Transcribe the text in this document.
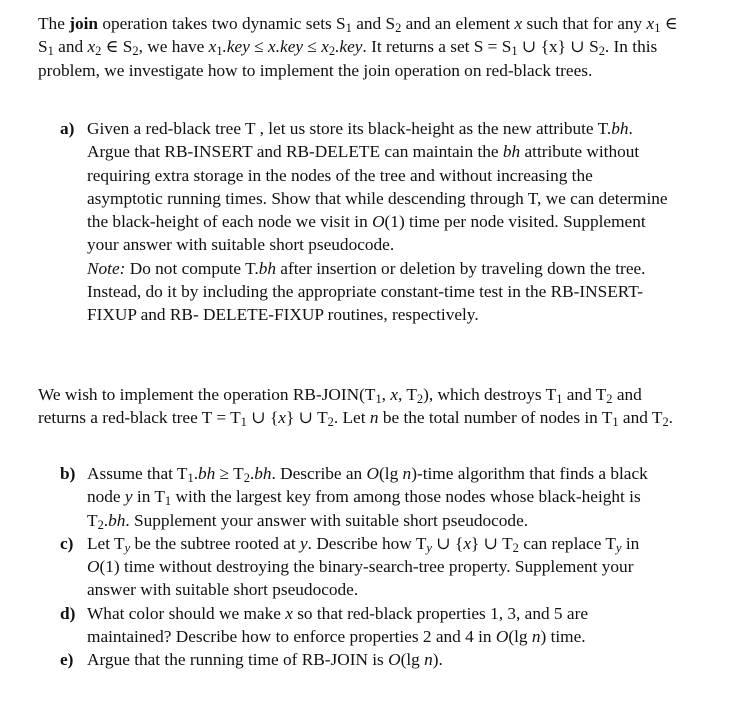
The join operation takes two dynamic sets $S_1$ and $S_2$ and an element x such that for any $x_1$ ∈ $S_1$ and $x_2$ ∈ $S_2$, we have $x_1.key \le x.key \le x_2.key$. It returns a set $S = S_1$ ∪ {x} ∪ $S_2$. In this problem, we investigate how to implement the join operation on red-black trees.
a) Given a red-black tree T , let us store its black-height as the new attribute T.bh. Argue that RB-INSERT and RB-DELETE can maintain the bh attribute without requiring extra storage in the nodes of the tree and without increasing the asymptotic running times. Show that while descending through T, we can determine the black-height of each node we visit in O(1) time per node visited. Supplement your answer with suitable short pseudocode.
Note: Do not compute T.bh after insertion or deletion by traveling down the tree. Instead, do it by including the appropriate constant-time test in the RB-INSERT-FIXUP and RB- DELETE-FIXUP routines, respectively.
We wish to implement the operation $RB-JOIN(T_1$, x, $T_2$), which destroys $T_1$ and $T_2$ and returns a red-black tree $T = T_1$ ∪ {x} ∪ $T_2$. Let n be the total number of nodes in $T_1$ and $T_2$.
b) Assume that $T_1.bh \ge T_2.bh$. Describe an O(lg n)-time algorithm that finds a black node y in $T_1$ with the largest key from among those nodes whose black-height is $T_2.bh$. Supplement your answer with suitable short pseudocode.
c) Let $T_y$ be the subtree rooted at y. Describe how $T_y$ ∪ {x} ∪ $T_2$ can replace $T_y$ in O(1) time without destroying the binary-search-tree property. Supplement your answer with suitable short pseudocode.
d) What color should we make x so that red-black properties 1, 3, and 5 are maintained? Describe how to enforce properties 2 and 4 in O(lg n) time.
e) Argue that the running time of RB-JOIN is O(lg n).
